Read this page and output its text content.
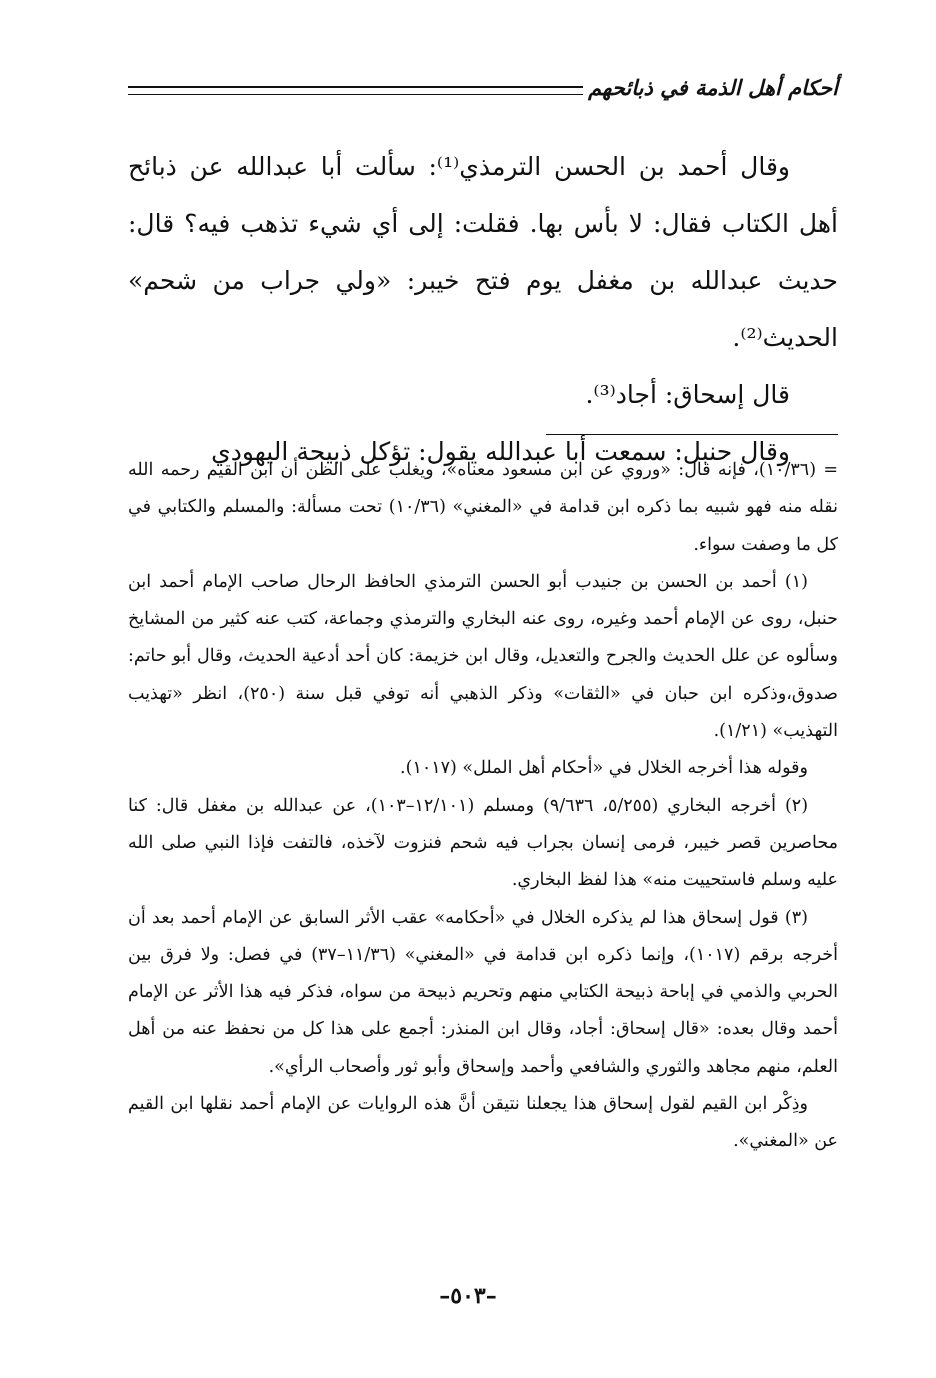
أحكام أهل الذمة في ذبائحهم

وقال أحمد بن الحسن الترمذي⁽¹⁾: سألت أبا عبدالله عن ذبائح أهل الكتاب فقال: لا بأس بها. فقلت: إلى أي شيء تذهب فيه؟ قال: حديث عبدالله بن مغفل يوم فتح خيبر: «ولي جراب من شحم» الحديث⁽²⁾.

قال إسحاق: أجاد⁽³⁾.

وقال حنبل: سمعت أبا عبدالله يقول: تؤكل ذبيحة اليهودي

= (١٠/٣٦)، فإنه قال: «وروي عن ابن مسعود معناه»، ويغلب على الظن أن ابن القيم رحمه الله نقله منه فهو شبيه بما ذكره ابن قدامة في «المغني» (١٠/٣٦) تحت مسألة: والمسلم والكتابي في كل ما وصفت سواء.

(١) أحمد بن الحسن بن جنيدب أبو الحسن الترمذي الحافظ الرحال صاحب الإمام أحمد ابن حنبل، روى عن الإمام أحمد وغيره، روى عنه البخاري والترمذي وجماعة، كتب عنه كثير من المشايخ وسألوه عن علل الحديث والجرح والتعديل، وقال ابن خزيمة: كان أحد أدعية الحديث، وقال أبو حاتم: صدوق،وذكره ابن حبان في «الثقات» وذكر الذهبي أنه توفي قبل سنة (٢٥٠)، انظر «تهذيب التهذيب» (١/٢١).

وقوله هذا أخرجه الخلال في «أحكام أهل الملل» (١٠١٧).

(٢) أخرجه البخاري (٥/٢٥٥، ٩/٦٣٦) ومسلم (١٢/١٠١–١٠٣)، عن عبدالله بن مغفل قال: كنا محاصرين قصر خيبر، فرمى إنسان بجراب فيه شحم فنزوت لآخذه، فالتفت فإذا النبي صلى الله عليه وسلم فاستحييت منه» هذا لفظ البخاري.

(٣) قول إسحاق هذا لم يذكره الخلال في «أحكامه» عقب الأثر السابق عن الإمام أحمد بعد أن أخرجه برقم (١٠١٧)، وإنما ذكره ابن قدامة في «المغني» (١١/٣٦–٣٧) في فصل: ولا فرق بين الحربي والذمي في إباحة ذبيحة الكتابي منهم وتحريم ذبيحة من سواه، فذكر فيه هذا الأثر عن الإمام أحمد وقال بعده: «قال إسحاق: أجاد، وقال ابن المنذر: أجمع على هذا كل من نحفظ عنه من أهل العلم، منهم مجاهد والثوري والشافعي وأحمد وإسحاق وأبو ثور وأصحاب الرأي».

وذِكْر ابن القيم لقول إسحاق هذا يجعلنا نتيقن أنَّ هذه الروايات عن الإمام أحمد نقلها ابن القيم عن «المغني».

–٥٠٣–
